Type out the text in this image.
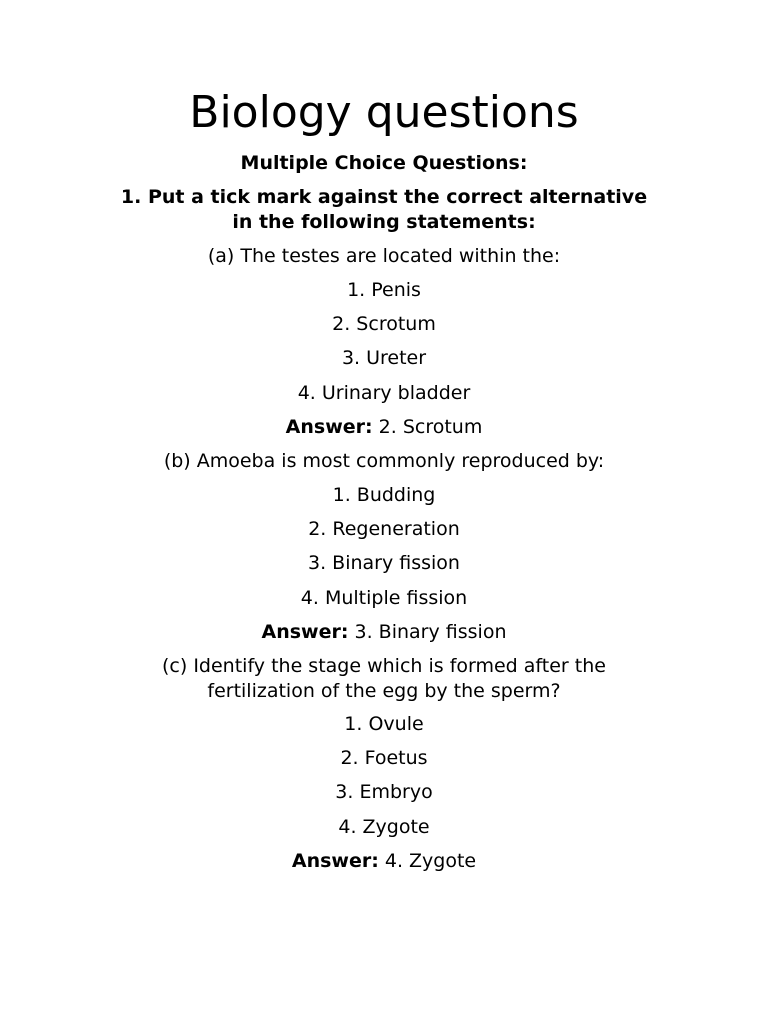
Biology questions

Multiple Choice Questions:

1. Put a tick mark against the correct alternative

in the following statements:

(a) The testes are located within the:

1. Penis

2. Scrotum

3. Ureter

4. Urinary bladder

Answer: 2. Scrotum

(b) Amoeba is most commonly reproduced by:

1. Budding

2. Regeneration

3. Binary fission

4. Multiple fission

Answer: 3. Binary fission

(c) Identify the stage which is formed after the

fertilization of the egg by the sperm?

1. Ovule

2. Foetus

3. Embryo

4. Zygote

Answer: 4. Zygote
